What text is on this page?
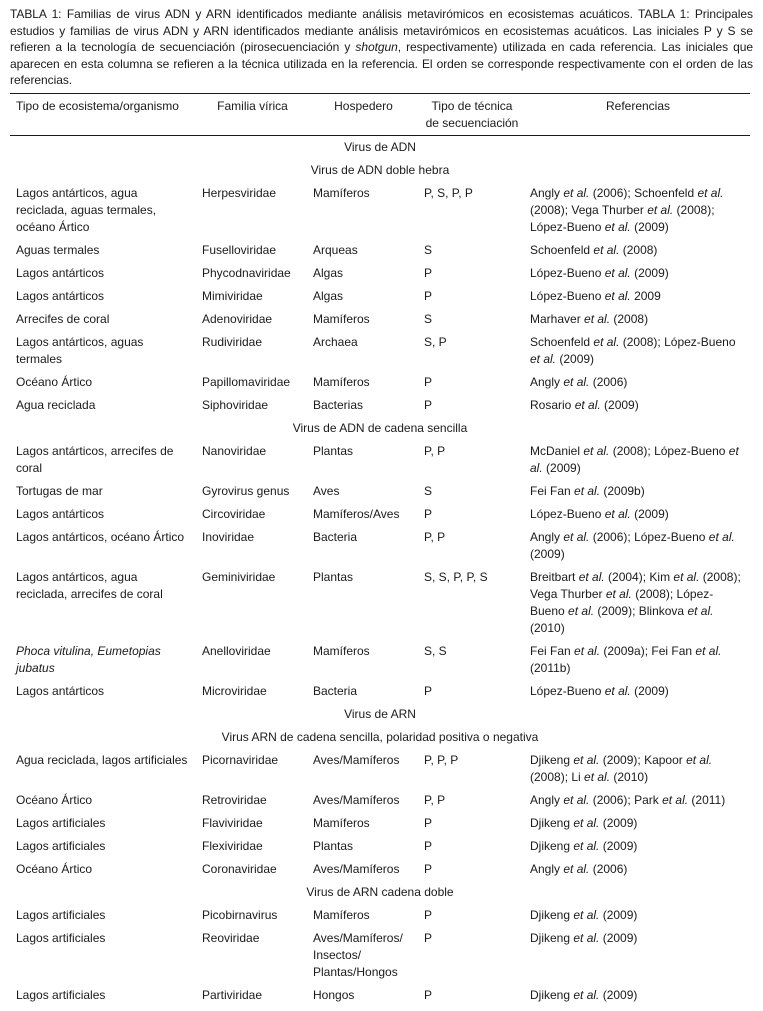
TABLA 1: Familias de virus ADN y ARN identificados mediante análisis metavirómicos en ecosistemas acuáticos. TABLA 1: Principales estudios y familias de virus ADN y ARN identificados mediante análisis metavirómicos en ecosistemas acuáticos. Las iniciales P y S se refieren a la tecnología de secuenciación (pirosecuenciación y shotgun, respectivamente) utilizada en cada referencia. Las iniciales que aparecen en esta columna se refieren a la técnica utilizada en la referencia. El orden se corresponde respectivamente con el orden de las referencias.

Tipo de ecosistema/organismo	Familia vírica	Hospedero	Tipo de técnica de secuenciación	Referencias
Virus de ADN				
Virus de ADN doble hebra				
Lagos antárticos, agua reciclada, aguas termales, océano Ártico	Herpesviridae	Mamíferos	P, S, P, P	Angly et al. (2006); Schoenfeld et al. (2008); Vega Thurber et al. (2008); López-Bueno et al. (2009)
Aguas termales	Fuselloviridae	Arqueas	S	Schoenfeld et al. (2008)
Lagos antárticos	Phycodnaviridae	Algas	P	López-Bueno et al. (2009)
Lagos antárticos	Mimiviridae	Algas	P	López-Bueno et al. 2009
Arrecifes de coral	Adenoviridae	Mamíferos	S	Marhaver et al. (2008)
Lagos antárticos, aguas termales	Rudiviridae	Archaea	S, P	Schoenfeld et al. (2008); López-Bueno et al. (2009)
Océano Ártico	Papillomaviridae	Mamíferos	P	Angly et al. (2006)
Agua reciclada	Siphoviridae	Bacterias	P	Rosario et al. (2009)
Virus de ADN de cadena sencilla				
Lagos antárticos, arrecifes de coral	Nanoviridae	Plantas	P, P	McDaniel et al. (2008); López-Bueno et al. (2009)
Tortugas de mar	Gyrovirus genus	Aves	S	Fei Fan et al. (2009b)
Lagos antárticos	Circoviridae	Mamíferos/Aves	P	López-Bueno et al. (2009)
Lagos antárticos, océano Ártico	Inoviridae	Bacteria	P, P	Angly et al. (2006); López-Bueno et al. (2009)
Lagos antárticos, agua reciclada, arrecifes de coral	Geminiviridae	Plantas	S, S, P, P, S	Breitbart et al. (2004); Kim et al. (2008); Vega Thurber et al. (2008); López-Bueno et al. (2009); Blinkova et al. (2010)
Phoca vitulina, Eumetopias jubatus	Anelloviridae	Mamíferos	S, S	Fei Fan et al. (2009a); Fei Fan et al. (2011b)
Lagos antárticos	Microviridae	Bacteria	P	López-Bueno et al. (2009)
Virus de ARN				
Virus ARN de cadena sencilla, polaridad positiva o negativa				
Agua reciclada, lagos artificiales	Picornaviridae	Aves/Mamíferos	P, P, P	Djikeng et al. (2009); Kapoor et al. (2008); Li et al. (2010)
Océano Ártico	Retroviridae	Aves/Mamíferos	P, P	Angly et al. (2006); Park et al. (2011)
Lagos artificiales	Flaviviridae	Mamíferos	P	Djikeng et al. (2009)
Lagos artificiales	Flexiviridae	Plantas	P	Djikeng et al. (2009)
Océano Ártico	Coronaviridae	Aves/Mamíferos	P	Angly et al. (2006)
Virus de ARN cadena doble				
Lagos artificiales	Picobirnavirus	Mamíferos	P	Djikeng et al. (2009)
Lagos artificiales	Reoviridae	Aves/Mamíferos/ Insectos/ Plantas/Hongos	P	Djikeng et al. (2009)
Lagos artificiales	Partiviridae	Hongos	P	Djikeng et al. (2009)
